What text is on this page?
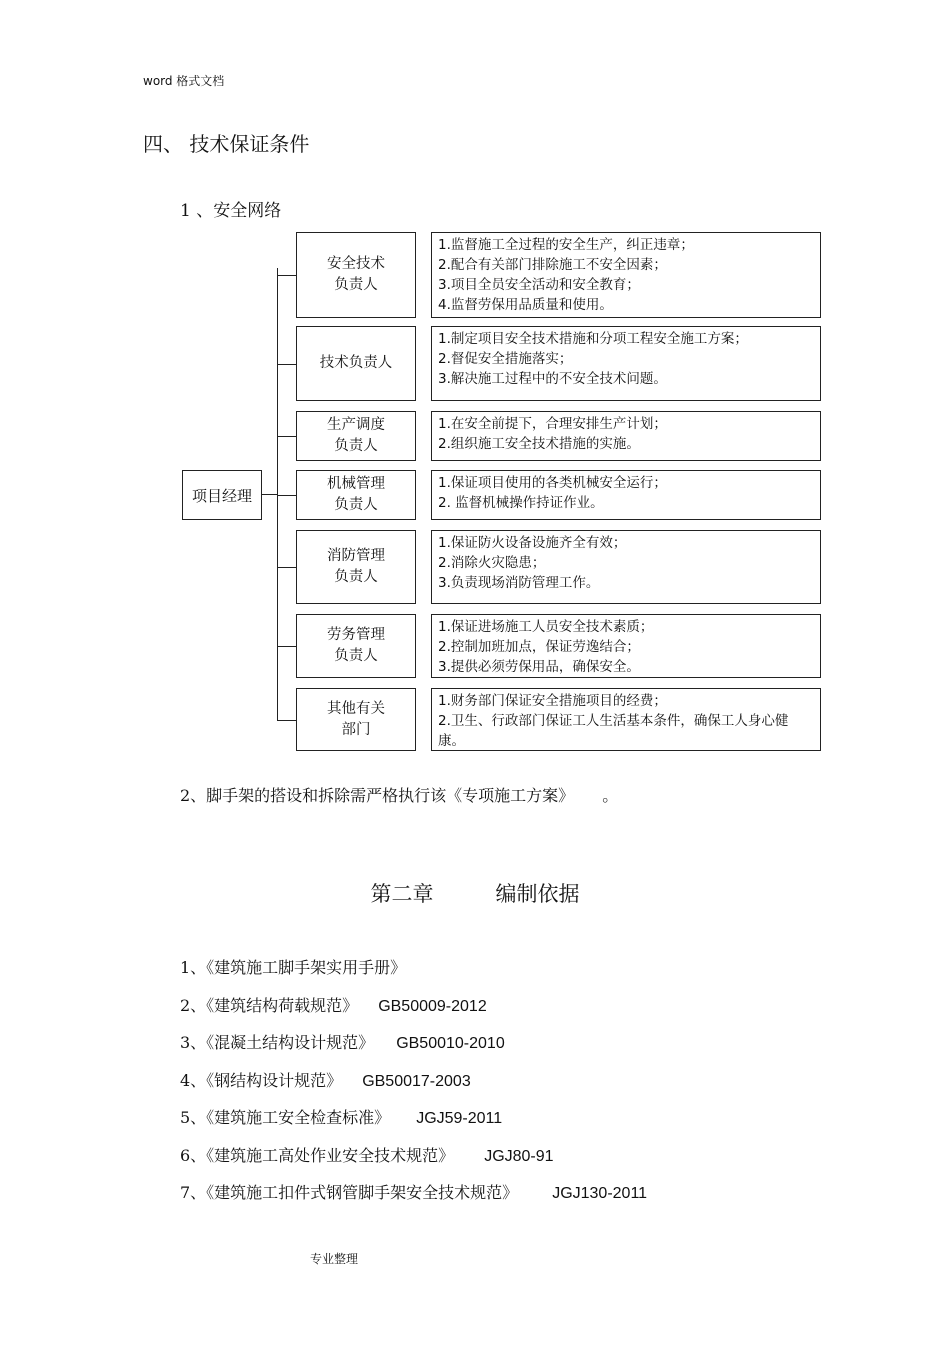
word 格式文档
四、 技术保证条件
1 、安全网络
项目经理
安全技术
负责人
1.监督施工全过程的安全生产，纠正违章；
2.配合有关部门排除施工不安全因素；
3.项目全员安全活动和安全教育；
4.监督劳保用品质量和使用。
技术负责人
1.制定项目安全技术措施和分项工程安全施工方案；
2.督促安全措施落实；
3.解决施工过程中的不安全技术问题。
生产调度
负责人
1.在安全前提下，合理安排生产计划；
2.组织施工安全技术措施的实施。
机械管理
负责人
1.保证项目使用的各类机械安全运行；
2. 监督机械操作持证作业。
消防管理
负责人
1.保证防火设备设施齐全有效；
2.消除火灾隐患；
3.负责现场消防管理工作。
劳务管理
负责人
1.保证进场施工人员安全技术素质；
2.控制加班加点，保证劳逸结合；
3.提供必须劳保用品，确保安全。
其他有关
部门
1.财务部门保证安全措施项目的经费；
2.卫生、行政部门保证工人生活基本条件，确保工人身心健康。
2、脚手架的搭设和拆除需严格执行该《专项施工方案》 。
第二章	编制依据
1、《建筑施工脚手架实用手册》
2、《建筑结构荷载规范》 GB50009-2012
3、《混凝土结构设计规范》 GB50010-2010
4、《钢结构设计规范》 GB50017-2003
5、《建筑施工安全检查标准》 JGJ59-2011
6、《建筑施工高处作业安全技术规范》 JGJ80-91
7、《建筑施工扣件式钢管脚手架安全技术规范》 JGJ130-2011
专业整理
